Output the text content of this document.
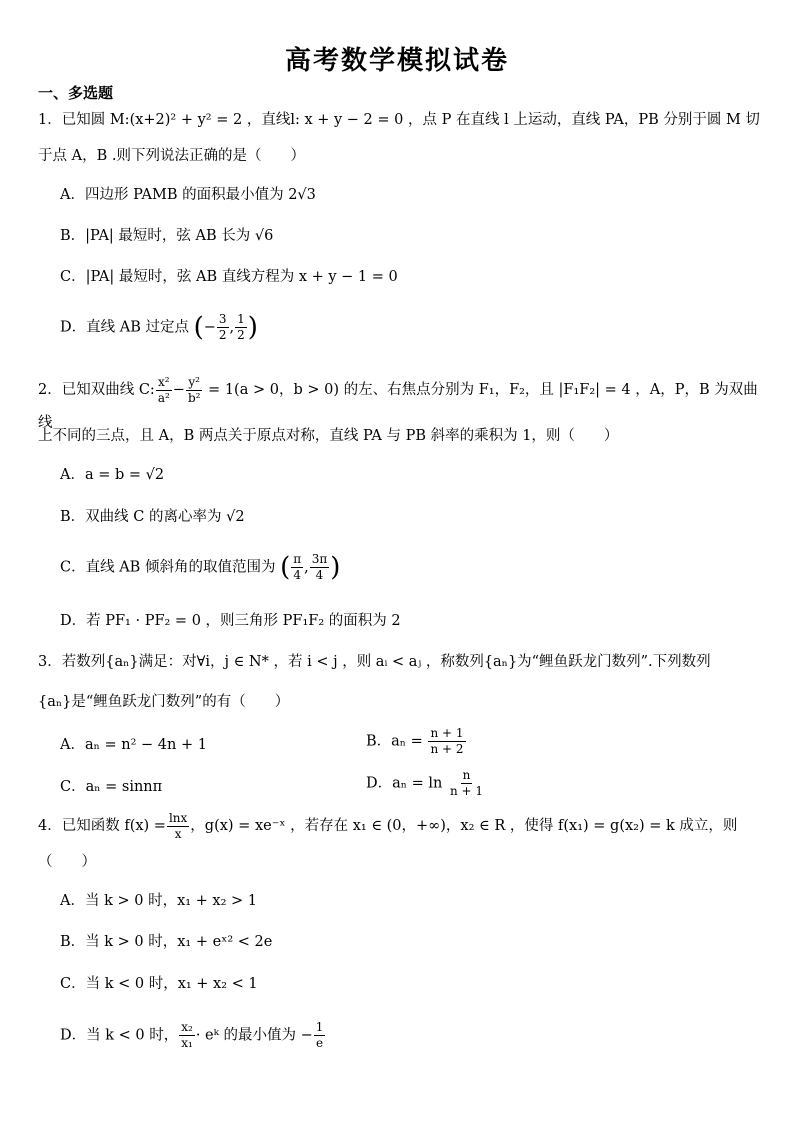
高考数学模拟试卷
一、多选题
1．已知圆 M:(x+2)² + y² = 2 ，直线l: x + y − 2 = 0 ，点 P 在直线 l 上运动，直线 PA，PB 分别于圆 M 切
于点 A，B .则下列说法正确的是（　　）
A．四边形 PAMB 的面积最小值为 2√3
B．|PA| 最短时，弦 AB 长为 √6
C．|PA| 最短时，弦 AB 直线方程为 x + y − 1 = 0
D．直线 AB 过定点 (− $\frac{3}{2}$ , $\frac{1}{2}$ )
2．已知双曲线 C: $\frac{\text{x²}}{\text{a²}} - \frac{\text{y²}}{\text{b²}} = 1(a > 0$，b > 0) 的左、右焦点分别为 F₁，F₂，且 |F₁F₂| = 4 ，A，P，B 为双曲线
上不同的三点，且 A，B 两点关于原点对称，直线 PA 与 PB 斜率的乘积为 1，则（　　）
A．a = b = √2
B．双曲线 C 的离心率为 √2
C．直线 AB 倾斜角的取值范围为 ( $\frac{\pi}{4}$ , $\frac{3\pi}{4}$ )
D．若 PF₁ · PF₂ = 0 ，则三角形 PF₁F₂ 的面积为 2
3．若数列{aₙ}满足：对∀i，j ∈ N* ，若 i < j ，则 aᵢ < aⱼ ，称数列{aₙ}为“鲤鱼跃龙门数列”.下列数列
{aₙ}是“鲤鱼跃龙门数列”的有（　　）
A．aₙ = n² − 4n + 1	B．$a_n = \frac{n + 1}{n + 2}$
C．aₙ = sinnπ	D．$a_n = \ln \frac{n}{n + 1}$
4．已知函数 $f(x) = \frac{\ln x}{x}$ ，g(x) = xe⁻ˣ ，若存在 x₁ ∈ (0，+∞)，x₂ ∈ R ，使得 f(x₁) = g(x₂) = k 成立，则
（　　）
A．当 k > 0 时，x₁ + x₂ > 1
B．当 k > 0 时，x₁ + eˣ² < 2e
C．当 k < 0 时，x₁ + x₂ < 1
D．当 k < 0 时， $\frac{\text{x₂}}{\text{x₁}}$ · eᵏ 的最小值为 − $\frac{1}{e}$
